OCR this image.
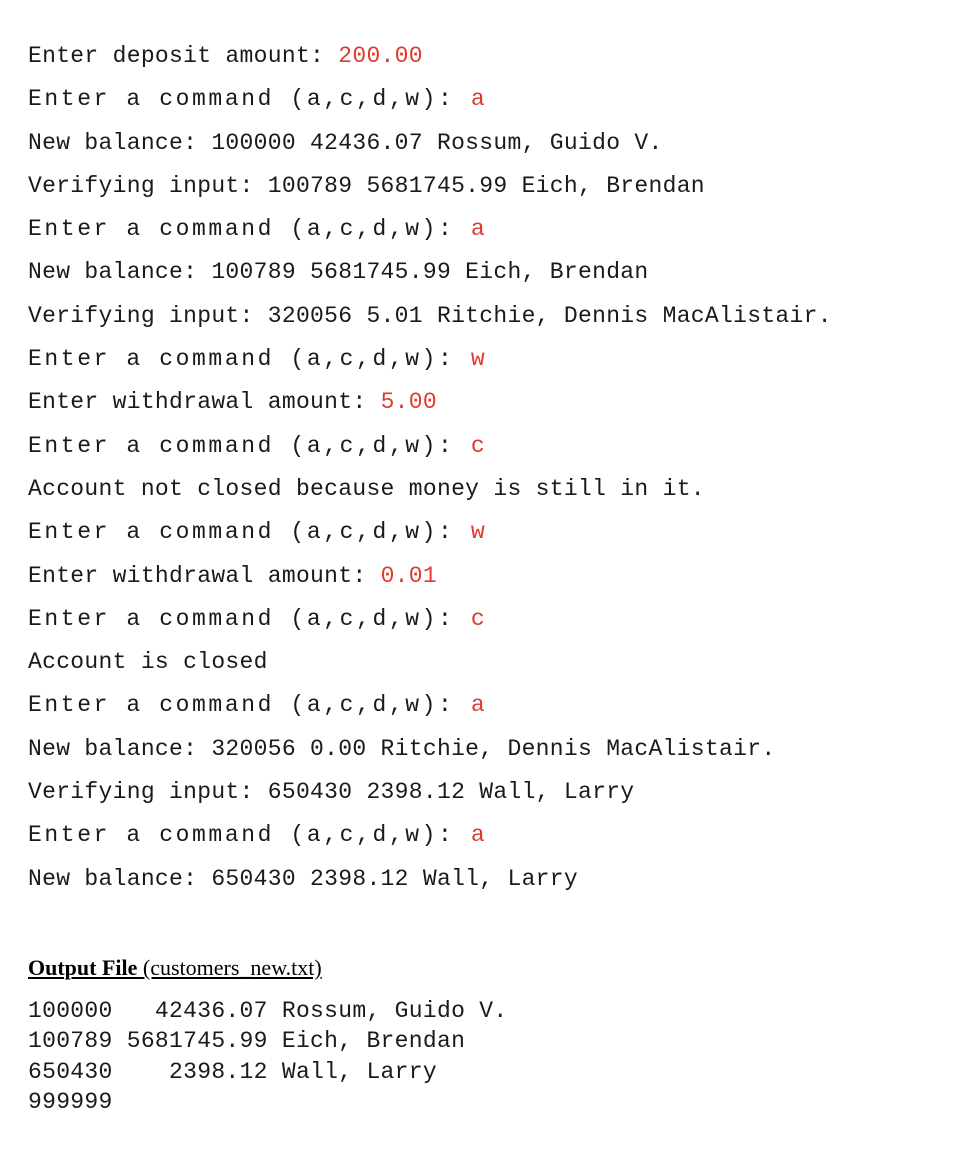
Enter deposit amount: 200.00
Enter a command (a,c,d,w): a
New balance: 100000 42436.07 Rossum, Guido V.
Verifying input: 100789 5681745.99 Eich, Brendan
Enter a command (a,c,d,w): a
New balance: 100789 5681745.99 Eich, Brendan
Verifying input: 320056 5.01 Ritchie, Dennis MacAlistair.
Enter a command (a,c,d,w): w
Enter withdrawal amount: 5.00
Enter a command (a,c,d,w): c
Account not closed because money is still in it.
Enter a command (a,c,d,w): w
Enter withdrawal amount: 0.01
Enter a command (a,c,d,w): c
Account is closed
Enter a command (a,c,d,w): a
New balance: 320056 0.00 Ritchie, Dennis MacAlistair.
Verifying input: 650430 2398.12 Wall, Larry
Enter a command (a,c,d,w): a
New balance: 650430 2398.12 Wall, Larry
Output File (customers_new.txt)
100000   42436.07 Rossum, Guido V.
100789 5681745.99 Eich, Brendan
650430    2398.12 Wall, Larry
999999
